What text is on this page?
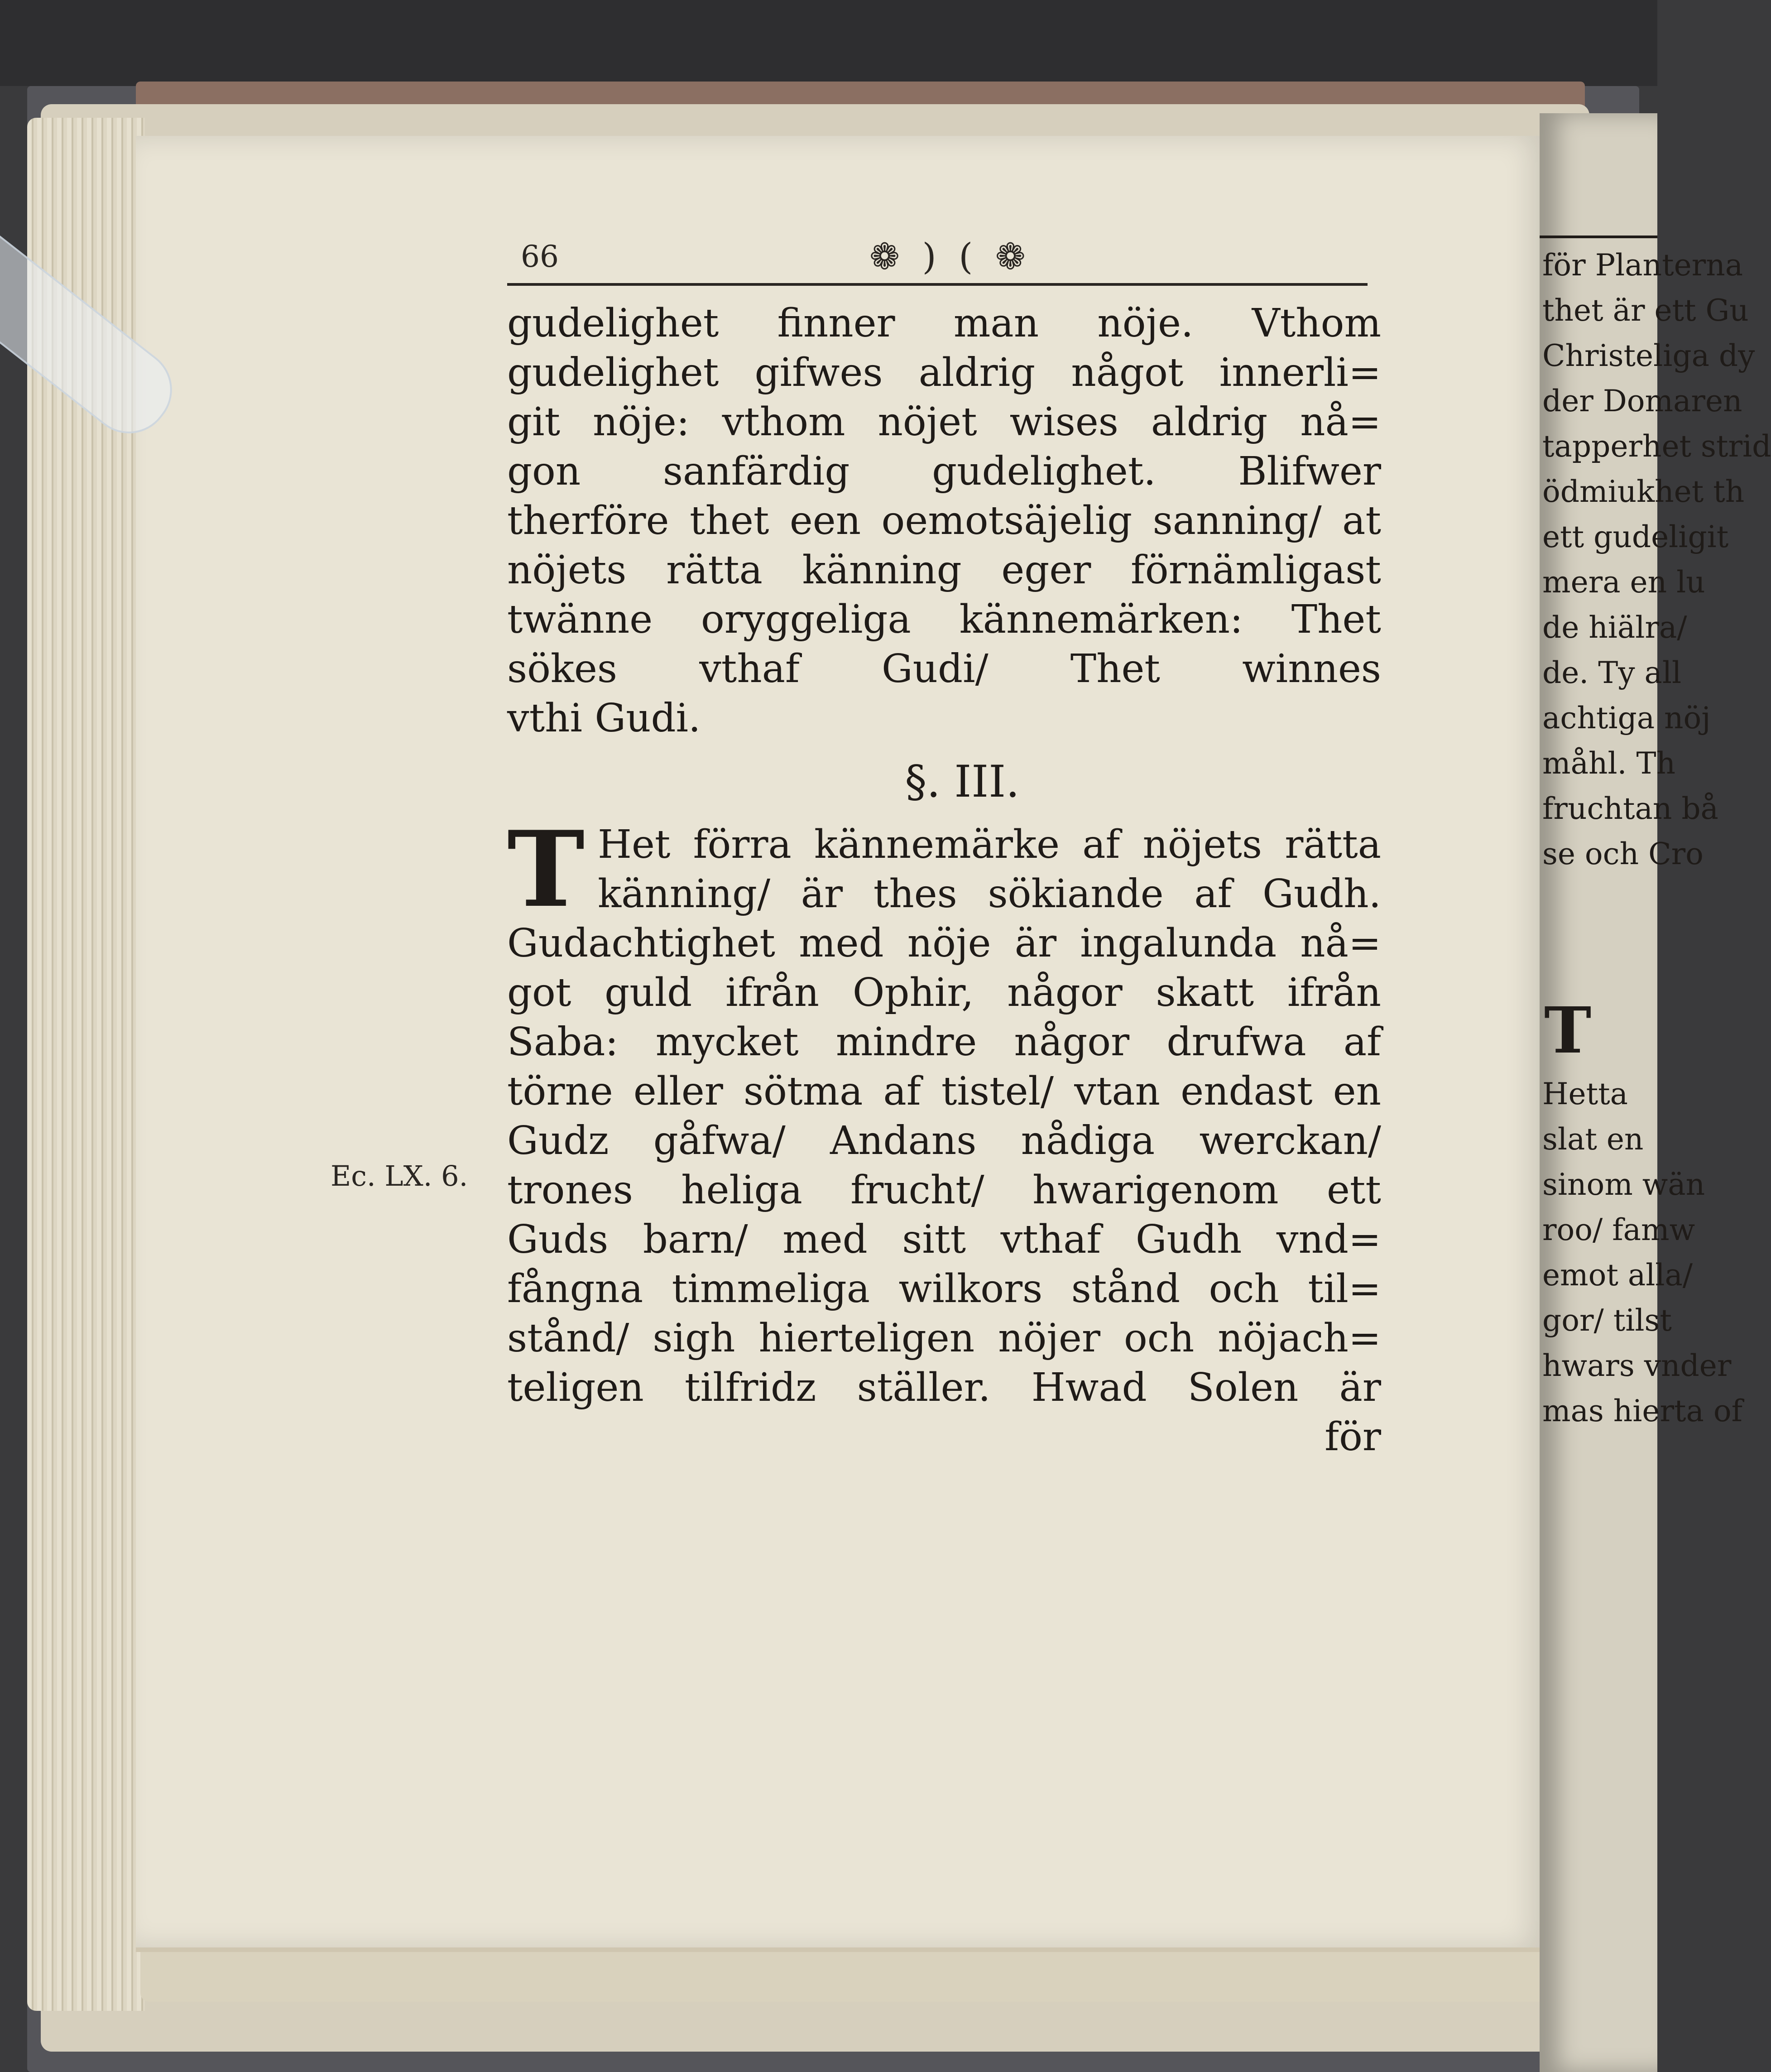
66	❁ ) ( ❁
gudelighet finner man nöje. Vthom
gudelighet gifwes aldrig något innerli=
git nöje: vthom nöjet wises aldrig nå=
gon sanfärdig gudelighet. Blifwer
therföre thet een oemotsäjelig sanning/ at
nöjets rätta känning eger förnämligast
twänne oryggeliga kännemärken: Thet
sökes vthaf Gudi/ Thet winnes
vthi Gudi.
§. III.
T Het förra kännemärke af nöjets rätta
känning/ är thes sökiande af Gudh.
Gudachtighet med nöje är ingalunda nå=
got guld ifrån Ophir, någor skatt ifrån
Saba: mycket mindre någor drufwa af
törne eller sötma af tistel/ vtan endast en
Gudz gåfwa/ Andans nådiga werckan/
trones heliga frucht/ hwarigenom ett
Guds barn/ med sitt vthaf Gudh vnd=
fångna timmeliga wilkors stånd och til=
stånd/ sigh hierteligen nöjer och nöjach=
teligen tilfridz ställer. Hwad Solen är
för
Ec. LX. 6.
för Planterna
thet är ett Gu
Christeliga dy
der Domaren
tapperhet strid
ödmiukhet th
ett gudeligit
mera en lu
de hiälra/
de. Ty all
achtiga nöj
måhl. Th
fruchtan bå
se och Cro
T
Hetta
slat en
sinom wän
roo/ famw
emot alla/
gor/ tilst
hwars vnder
mas hierta of
